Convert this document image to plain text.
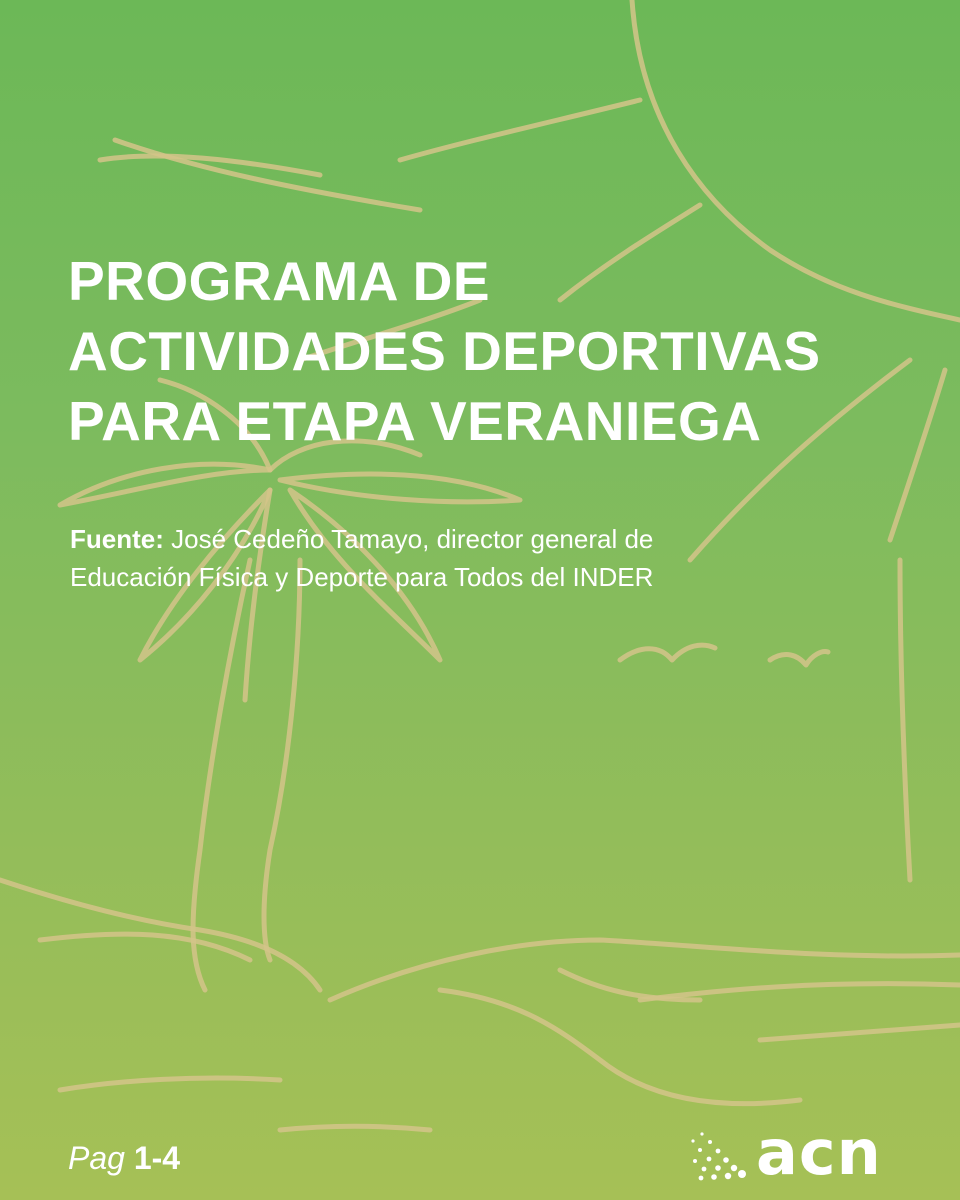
PROGRAMA DE
ACTIVIDADES DEPORTIVAS
PARA ETAPA VERANIEGA

Fuente: José Cedeño Tamayo, director general de
Educación Física y Deporte para Todos del INDER

Pag 1-4	acn
